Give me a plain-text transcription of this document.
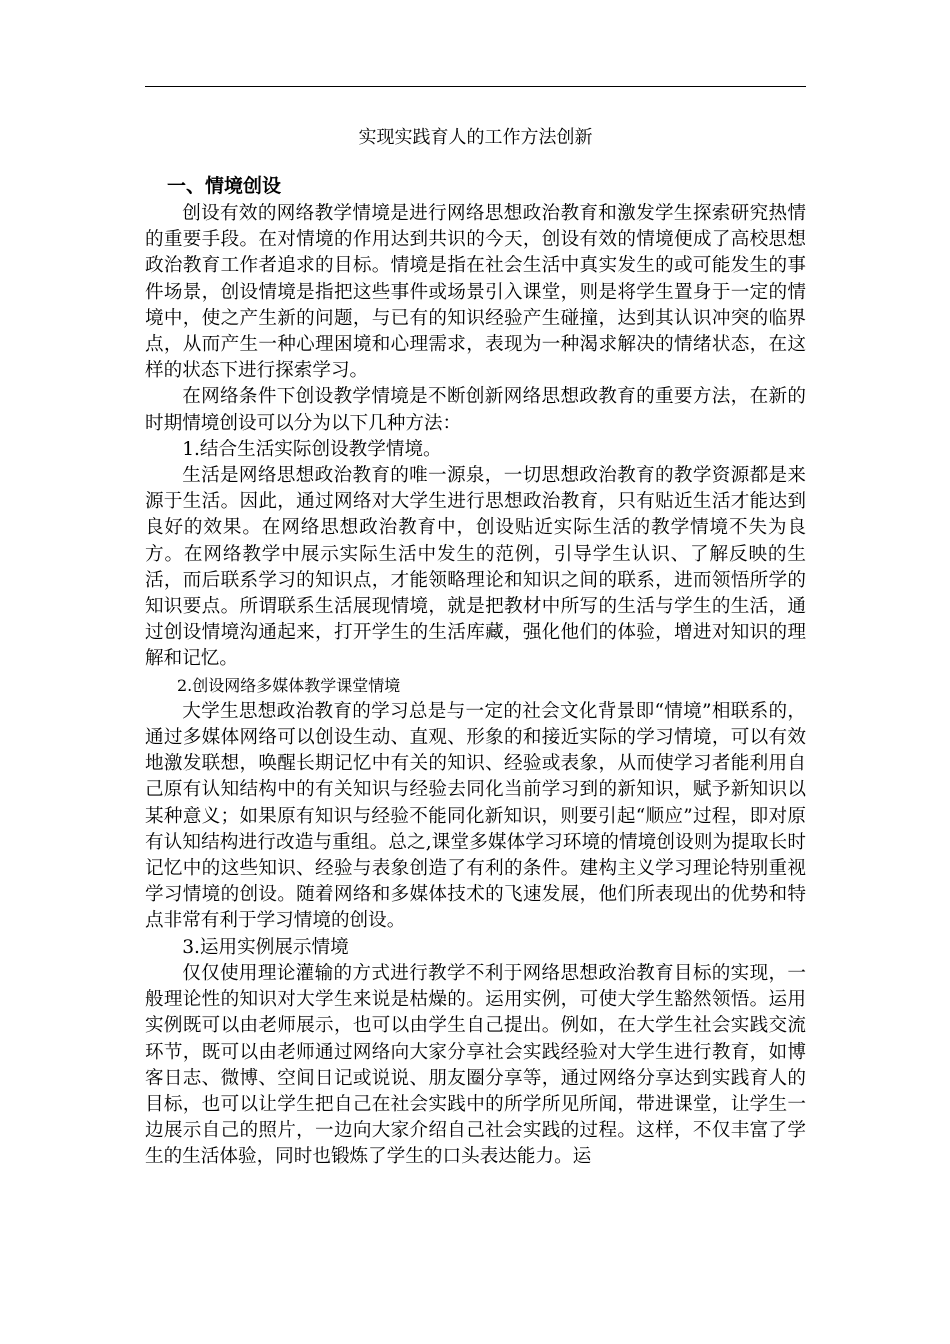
实现实践育人的工作方法创新

一、情境创设

创设有效的网络教学情境是进行网络思想政治教育和激发学生探索研究热情的重要手段。在对情境的作用达到共识的今天，创设有效的情境便成了高校思想政治教育工作者追求的目标。情境是指在社会生活中真实发生的或可能发生的事件场景，创设情境是指把这些事件或场景引入课堂，则是将学生置身于一定的情境中，使之产生新的问题，与已有的知识经验产生碰撞，达到其认识冲突的临界点，从而产生一种心理困境和心理需求，表现为一种渴求解决的情绪状态，在这样的状态下进行探索学习。

在网络条件下创设教学情境是不断创新网络思想政教育的重要方法，在新的时期情境创设可以分为以下几种方法：

1.结合生活实际创设教学情境。

生活是网络思想政治教育的唯一源泉，一切思想政治教育的教学资源都是来源于生活。因此，通过网络对大学生进行思想政治教育，只有贴近生活才能达到良好的效果。在网络思想政治教育中，创设贴近实际生活的教学情境不失为良方。在网络教学中展示实际生活中发生的范例，引导学生认识、了解反映的生活，而后联系学习的知识点，才能领略理论和知识之间的联系，进而领悟所学的知识要点。所谓联系生活展现情境，就是把教材中所写的生活与学生的生活，通过创设情境沟通起来，打开学生的生活库藏，强化他们的体验，增进对知识的理解和记忆。

2.创设网络多媒体教学课堂情境

大学生思想政治教育的学习总是与一定的社会文化背景即“情境”相联系的，通过多媒体网络可以创设生动、直观、形象的和接近实际的学习情境，可以有效地激发联想，唤醒长期记忆中有关的知识、经验或表象，从而使学习者能利用自己原有认知结构中的有关知识与经验去同化当前学习到的新知识，赋予新知识以某种意义；如果原有知识与经验不能同化新知识，则要引起“顺应”过程，即对原有认知结构进行改造与重组。总之,课堂多媒体学习环境的情境创设则为提取长时记忆中的这些知识、经验与表象创造了有利的条件。建构主义学习理论特别重视学习情境的创设。随着网络和多媒体技术的飞速发展，他们所表现出的优势和特点非常有利于学习情境的创设。

3.运用实例展示情境

仅仅使用理论灌输的方式进行教学不利于网络思想政治教育目标的实现，一般理论性的知识对大学生来说是枯燥的。运用实例，可使大学生豁然领悟。运用实例既可以由老师展示，也可以由学生自己提出。例如，在大学生社会实践交流环节，既可以由老师通过网络向大家分享社会实践经验对大学生进行教育，如博客日志、微博、空间日记或说说、朋友圈分享等，通过网络分享达到实践育人的目标，也可以让学生把自己在社会实践中的所学所见所闻，带进课堂，让学生一边展示自己的照片，一边向大家介绍自己社会实践的过程。这样，不仅丰富了学生的生活体验，同时也锻炼了学生的口头表达能力。运
